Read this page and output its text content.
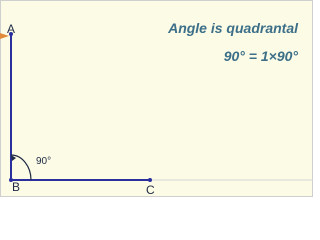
A
B	C
90°
Angle is quadrantal
90° = 1×90°
